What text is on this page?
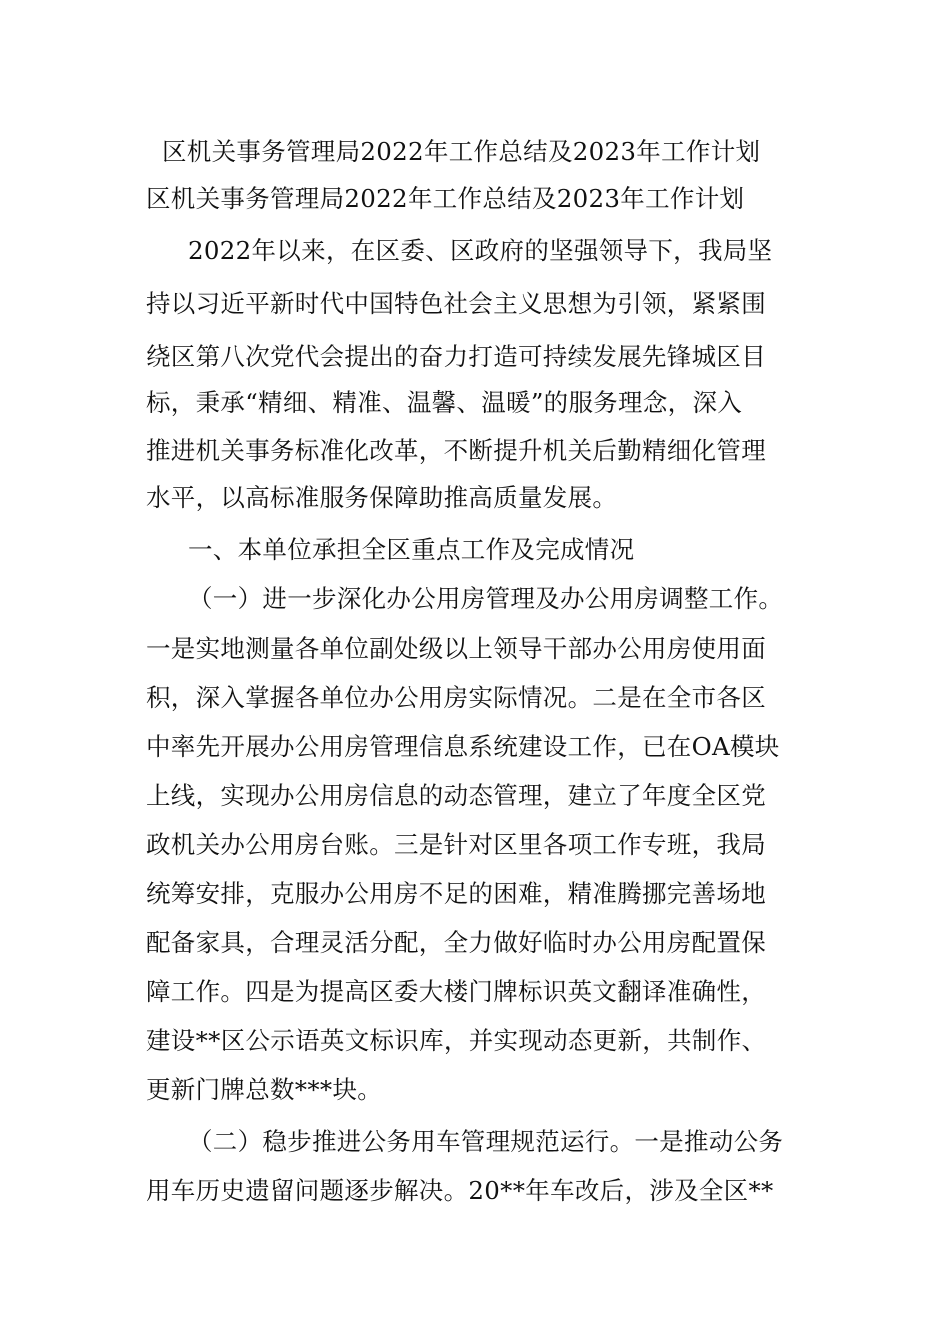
区机关事务管理局2022年工作总结及2023年工作计划
区机关事务管理局2022年工作总结及2023年工作计划
2022年以来，在区委、区政府的坚强领导下，我局坚
持以习近平新时代中国特色社会主义思想为引领，紧紧围
绕区第八次党代会提出的奋力打造可持续发展先锋城区目
标，秉承“精细、精准、温馨、温暖”的服务理念，深入
推进机关事务标准化改革，不断提升机关后勤精细化管理
水平，以高标准服务保障助推高质量发展。
一、本单位承担全区重点工作及完成情况
（一）进一步深化办公用房管理及办公用房调整工作。
一是实地测量各单位副处级以上领导干部办公用房使用面
积，深入掌握各单位办公用房实际情况。二是在全市各区
中率先开展办公用房管理信息系统建设工作，已在OA模块
上线，实现办公用房信息的动态管理，建立了年度全区党
政机关办公用房台账。三是针对区里各项工作专班，我局
统筹安排，克服办公用房不足的困难，精准腾挪完善场地
配备家具，合理灵活分配，全力做好临时办公用房配置保
障工作。四是为提高区委大楼门牌标识英文翻译准确性，
建设**区公示语英文标识库，并实现动态更新，共制作、
更新门牌总数***块。
（二）稳步推进公务用车管理规范运行。一是推动公务
用车历史遗留问题逐步解决。20**年车改后，涉及全区**
